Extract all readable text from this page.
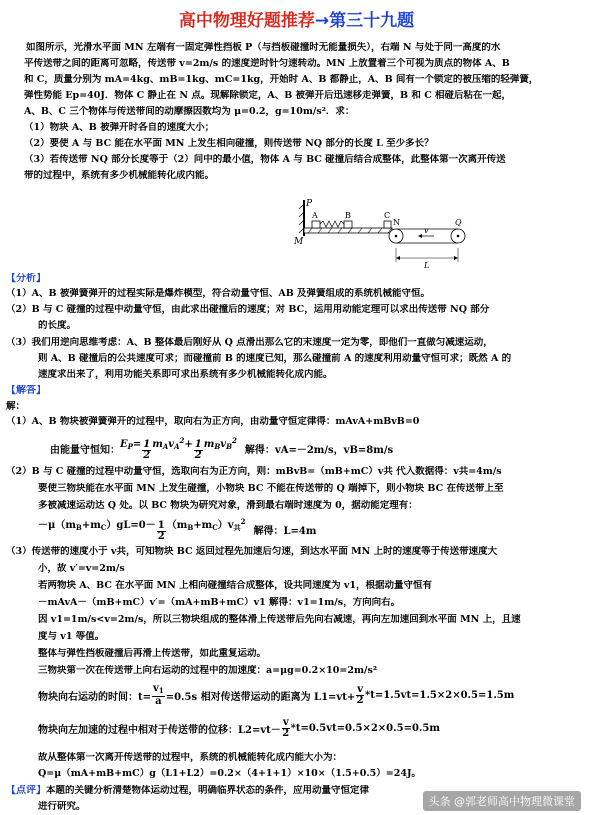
高中物理好题推荐→第三十九题
如图所示，光滑水平面 MN 左端有一固定弹性挡板 P（与挡板碰撞时无能量损失），右端 N 与处于同一高度的水
平传送带之间的距离可忽略，传送带 v=2m/s 的速度逆时针匀速转动。MN 上放置着三个可视为质点的物体 A、B
和 C，质量分别为 mA=4kg、mB=1kg、mC=1kg，开始时 A、B 都静止，A、B 间有一个锁定的被压缩的轻弹簧，
弹性势能 Ep=40J．物体 C 静止在 N 点。现解除锁定，A、B 被弹开后迅速移走弹簧，B 和 C 相碰后粘在一起，
A、B、C 三个物体与传送带间的动摩擦因数均为 μ=0.2，g=10m/s²．求：
（1）物块 A、B 被弹开时各自的速度大小；
（2）要使 A 与 BC 能在水平面 MN 上发生相向碰撞，则传送带 NQ 部分的长度 L 至少多长？
（3）若传送带 NQ 部分长度等于（2）问中的最小值，物体 A 与 BC 碰撞后结合成整体，此整体第一次离开传送
带的过程中，系统有多少机械能转化成内能。
P
M
A	B	C
N	Q
v
L
【分析】
（1）A、B 被弹簧弹开的过程实际是爆炸模型，符合动量守恒、AB 及弹簧组成的系统机械能守恒。
（2）B 与 C 碰撞的过程中动量守恒，由此求出碰撞后的速度；对 BC，运用用动能定理可以求出传送带 NQ 部分
的长度。
（3）我们用逆向思维考虑：A、B 整体最后刚好从 Q 点滑出那么它的末速度一定为零，即他们一直做匀减速运动，
则 A、B 碰撞后的公共速度可求；而碰撞前 B 的速度已知，那么碰撞前 A 的速度利用动量守恒可求；既然 A 的
速度求出来了，利用功能关系即可求出系统有多少机械能转化成内能。
【解答】
解：
（1）A、B 物块被弹簧弹开的过程中，取向右为正方向，由动量守恒定律得：mAvA+mBvB=0
由能量守恒知：
$E_P= \frac{1}{2} m_Av_A^2+ \frac{1}{2} m_Bv_B^2$
解得：vA=－2m/s，vB=8m/s
（2）B 与 C 碰撞的过程中动量守恒，选取向右为正方向，则：mBvB=（mB+mC）v共 代入数据得：v共=4m/s
要使三物块能在水平面 MN 上发生碰撞，小物块 BC 不能在传送带的 Q 端掉下，则小物块 BC 在传送带上至
多被减速运动达 Q 处。以 BC 物块为研究对象，滑到最右端时速度为 0，据动能定理有：
$-\mu(m_B+m_C)gL=0- \frac{1}{2} (m_B+m_C)v_共^2$
解得：L=4m
（3）传送带的速度小于 v共，可知物块 BC 返回过程先加速后匀速，到达水平面 MN 上时的速度等于传送带速度大
小，故 v′=v=2m/s
若两物块 A、BC 在水平面 MN 上相向碰撞结合成整体，设共同速度为 v1，根据动量守恒有
－mAvA－（mB+mC）v′=（mA+mB+mC）v1 解得：v1=1m/s，方向向右。
因 v1=1m/s<v=2m/s，所以三物块组成的整体滑上传送带后先向右减速，再向左加速回到水平面 MN 上，且速
度与 v1 等值。
整体与弹性挡板碰撞后再滑上传送带，如此重复运动。
三物块第一次在传送带上向右运动的过程中的加速度：a=μg=0.2×10=2m/s²
物块向右运动的时间：$t= \frac{v_1}{a} =0.5s$ 相对传送带运动的距离为 $L1=vt+ \frac{v}{2} *t=1.5vt=1.5\times 2\times 0.5=1.5m$
物块向左加速的过程中相对于传送带的位移：$L2=vt- \frac{v}{2} *t=0.5vt=0.5\times 2\times 0.5=0.5m$
故从整体第一次离开传送带的过程中，系统的机械能转化成内能大小为：
Q=μ（mA+mB+mC）g（L1+L2）=0.2×（4+1+1）×10×（1.5+0.5）=24J。
【点评】本题的关键分析清楚物体运动过程，明确临界状态的条件，应用动量守恒定律
进行研究。	头条 @郭老师高中物理微课堂
